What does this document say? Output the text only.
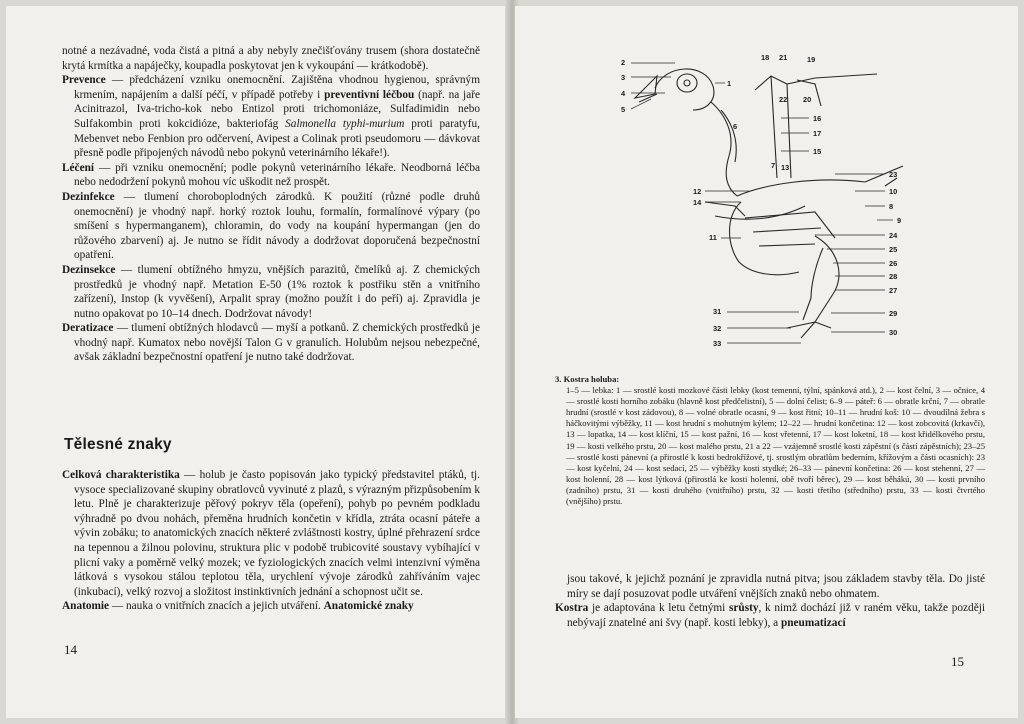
notné a nezávadné, voda čistá a pitná a aby nebyly znečišťovány trusem (shora dostatečně krytá krmítka a napáječky, koupadla poskytovat jen k vykoupání — krátkodobě).

Prevence — předcházení vzniku onemocnění. Zajištěna vhodnou hygienou, správným krmením, napájením a další péčí, v případě potřeby i preventivní léčbou (např. na jaře Acinitrazol, Iva-tricho-kok nebo Entizol proti trichomoniáze, Sulfadimidin nebo Sulfakombin proti kokcidióze, bakteriofág Salmonella typhi-murium proti paratyfu, Mebenvet nebo Fenbion pro odčervení, Avipest a Colinak proti pseudomoru — dávkovat přesně podle připojených návodů nebo pokynů veterinárního lékaře!).

Léčení — při vzniku onemocnění; podle pokynů veterinárního lékaře. Neodborná léčba nebo nedodržení pokynů mohou víc uškodit než prospět.

Dezinfekce — tlumení choroboplodných zárodků. K použití (různé podle druhů onemocnění) je vhodný např. horký roztok louhu, formalín, formalínové výpary (po smíšení s hypermanganem), chloramin, do vody na koupání hypermangan (jen do růžového zbarvení) aj. Je nutno se řídit návody a dodržovat doporučená bezpečnostní opatření.

Dezinsekce — tlumení obtížného hmyzu, vnějších parazitů, čmelíků aj. Z chemických prostředků je vhodný např. Metation E-50 (1% roztok k postřiku stěn a vnitřního zařízení), Instop (k vyvěšení), Arpalit spray (možno použít i do peří) aj. Zpravidla je nutno opakovat po 10–14 dnech. Dodržovat návody!

Deratizace — tlumení obtížných hlodavců — myší a potkanů. Z chemických prostředků je vhodný např. Kumatox nebo novější Talon G v granulích. Holubům nejsou nebezpečné, avšak základní bezpečnostní opatření je nutno také dodržovat.

Tělesné znaky

Celková charakteristika — holub je často popisován jako typický představitel ptáků, tj. vysoce specializované skupiny obratlovců vyvinuté z plazů, s výrazným přizpůsobením k letu. Plně je charakterizuje pěřový pokryv těla (opeření), pohyb po pevném podkladu výhradně po dvou nohách, přeměna hrudních končetin v křídla, ztráta ocasní páteře a vývin zobáku; to anatomických znacích některé zvláštnosti kostry, úplné přehrazení srdce na tepennou a žilnou polovinu, struktura plic v podobě trubicovité soustavy vybíhající v plicní vaky a poměrně velký mozek; ve fyziologických znacích velmi intenzivní výměna látková s vysokou stálou teplotou těla, urychlení vývoje zárodků zahříváním vajec (inkubací), velký rozvoj a složitost instinktivních jednání a schopnost učit se.

Anatomie — nauka o vnitřních znacích a jejich utváření. Anatomické znaky

14
2
3
4
5
6
7 13
12
14
11
31
32
33
18 21	19
1
22 20
16
17
15
23
10
8
9
24
25
26
28
27
29
30

3. Kostra holuba:
1–5 — lebka: 1 — srostlé kosti mozkové části lebky (kost temenní, týlní, spánková atd.), 2 — kost čelní, 3 — očnice, 4 — srostlé kosti horního zobáku (hlavně kost předčelistní), 5 — dolní čelist; 6–9 — páteř: 6 — obratle krční, 7 — obratle hrudní (srostlé v kost zádovou), 8 — volné obratle ocasní, 9 — kost řitní; 10–11 — hrudní koš: 10 — dvoudílná žebra s háčkovitými výběžky, 11 — kost hrudní s mohutným kýlem; 12–22 — hrudní končetina: 12 — kost zobcovitá (krkavčí), 13 — lopatka, 14 — kost klíční, 15 — kost pažní, 16 — kost vřetenní, 17 — kost loketní, 18 — kost křidélkového prstu, 19 — kosti velkého prstu, 20 — kost malého prstu, 21 a 22 — vzájemně srostlé kosti zápěstní (s částí zápěstních); 23–25 — srostlé kosti pánevní (a přirostlé k kosti bedrokřížové, tj. srostlým obratlům bederním, křížovým a části ocasních): 23 — kost kyčelní, 24 — kost sedací, 25 — výběžky kosti stydké; 26–33 — pánevní končetina: 26 — kost stehenní, 27 — kost holenní, 28 — kost lýtková (přirostlá ke kosti holenní, obě tvoří běrec), 29 — kost běhákú, 30 — kosti prvního (zadního) prstu, 31 — kosti druhého (vnitřního) prstu, 32 — kosti třetího (středního) prstu, 33 — kosti čtvrtého (vnějšího) prstu.

jsou takové, k jejichž poznání je zpravidla nutná pitva; jsou základem stavby těla. Do jisté míry se dají posuzovat podle utváření vnějších znaků nebo ohmatem.

Kostra je adaptována k letu četnými srůsty, k nimž dochází již v raném věku, takže později nebývají znatelné ani švy (např. kosti lebky), a pneumatizací

15
